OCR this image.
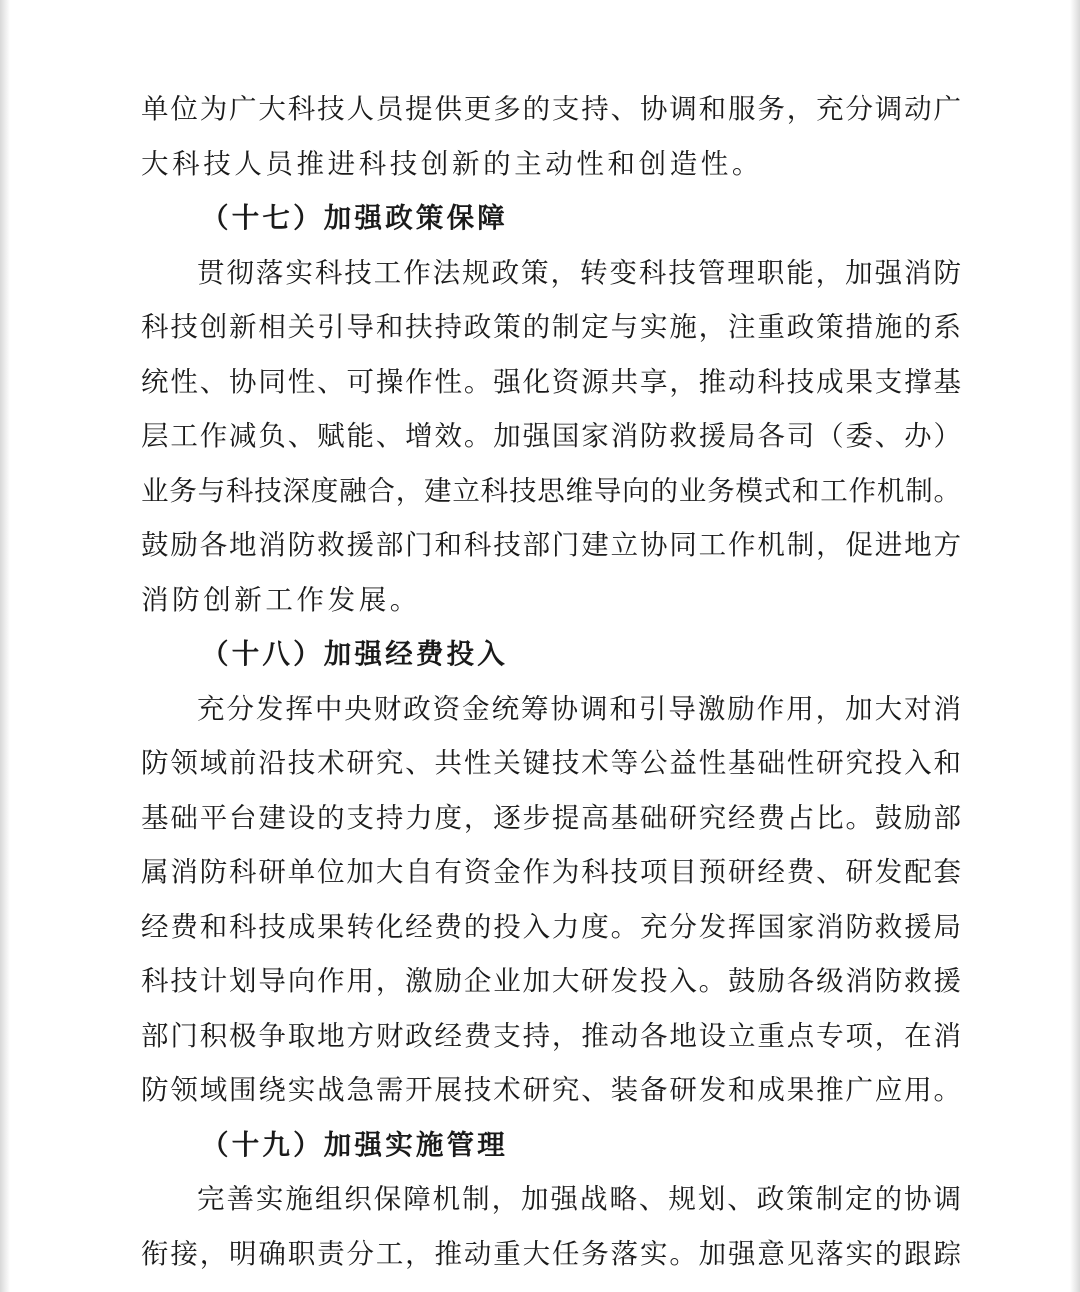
单位为广大科技人员提供更多的支持、协调和服务，充分调动广
大科技人员推进科技创新的主动性和创造性。
（十七）加强政策保障
贯彻落实科技工作法规政策，转变科技管理职能，加强消防
科技创新相关引导和扶持政策的制定与实施，注重政策措施的系
统性、协同性、可操作性。强化资源共享，推动科技成果支撑基
层工作减负、赋能、增效。加强国家消防救援局各司（委、办）
业务与科技深度融合，建立科技思维导向的业务模式和工作机制。
鼓励各地消防救援部门和科技部门建立协同工作机制，促进地方
消防创新工作发展。
（十八）加强经费投入
充分发挥中央财政资金统筹协调和引导激励作用，加大对消
防领域前沿技术研究、共性关键技术等公益性基础性研究投入和
基础平台建设的支持力度，逐步提高基础研究经费占比。鼓励部
属消防科研单位加大自有资金作为科技项目预研经费、研发配套
经费和科技成果转化经费的投入力度。充分发挥国家消防救援局
科技计划导向作用，激励企业加大研发投入。鼓励各级消防救援
部门积极争取地方财政经费支持，推动各地设立重点专项，在消
防领域围绕实战急需开展技术研究、装备研发和成果推广应用。
（十九）加强实施管理
完善实施组织保障机制，加强战略、规划、政策制定的协调
衔接，明确职责分工，推动重大任务落实。加强意见落实的跟踪
